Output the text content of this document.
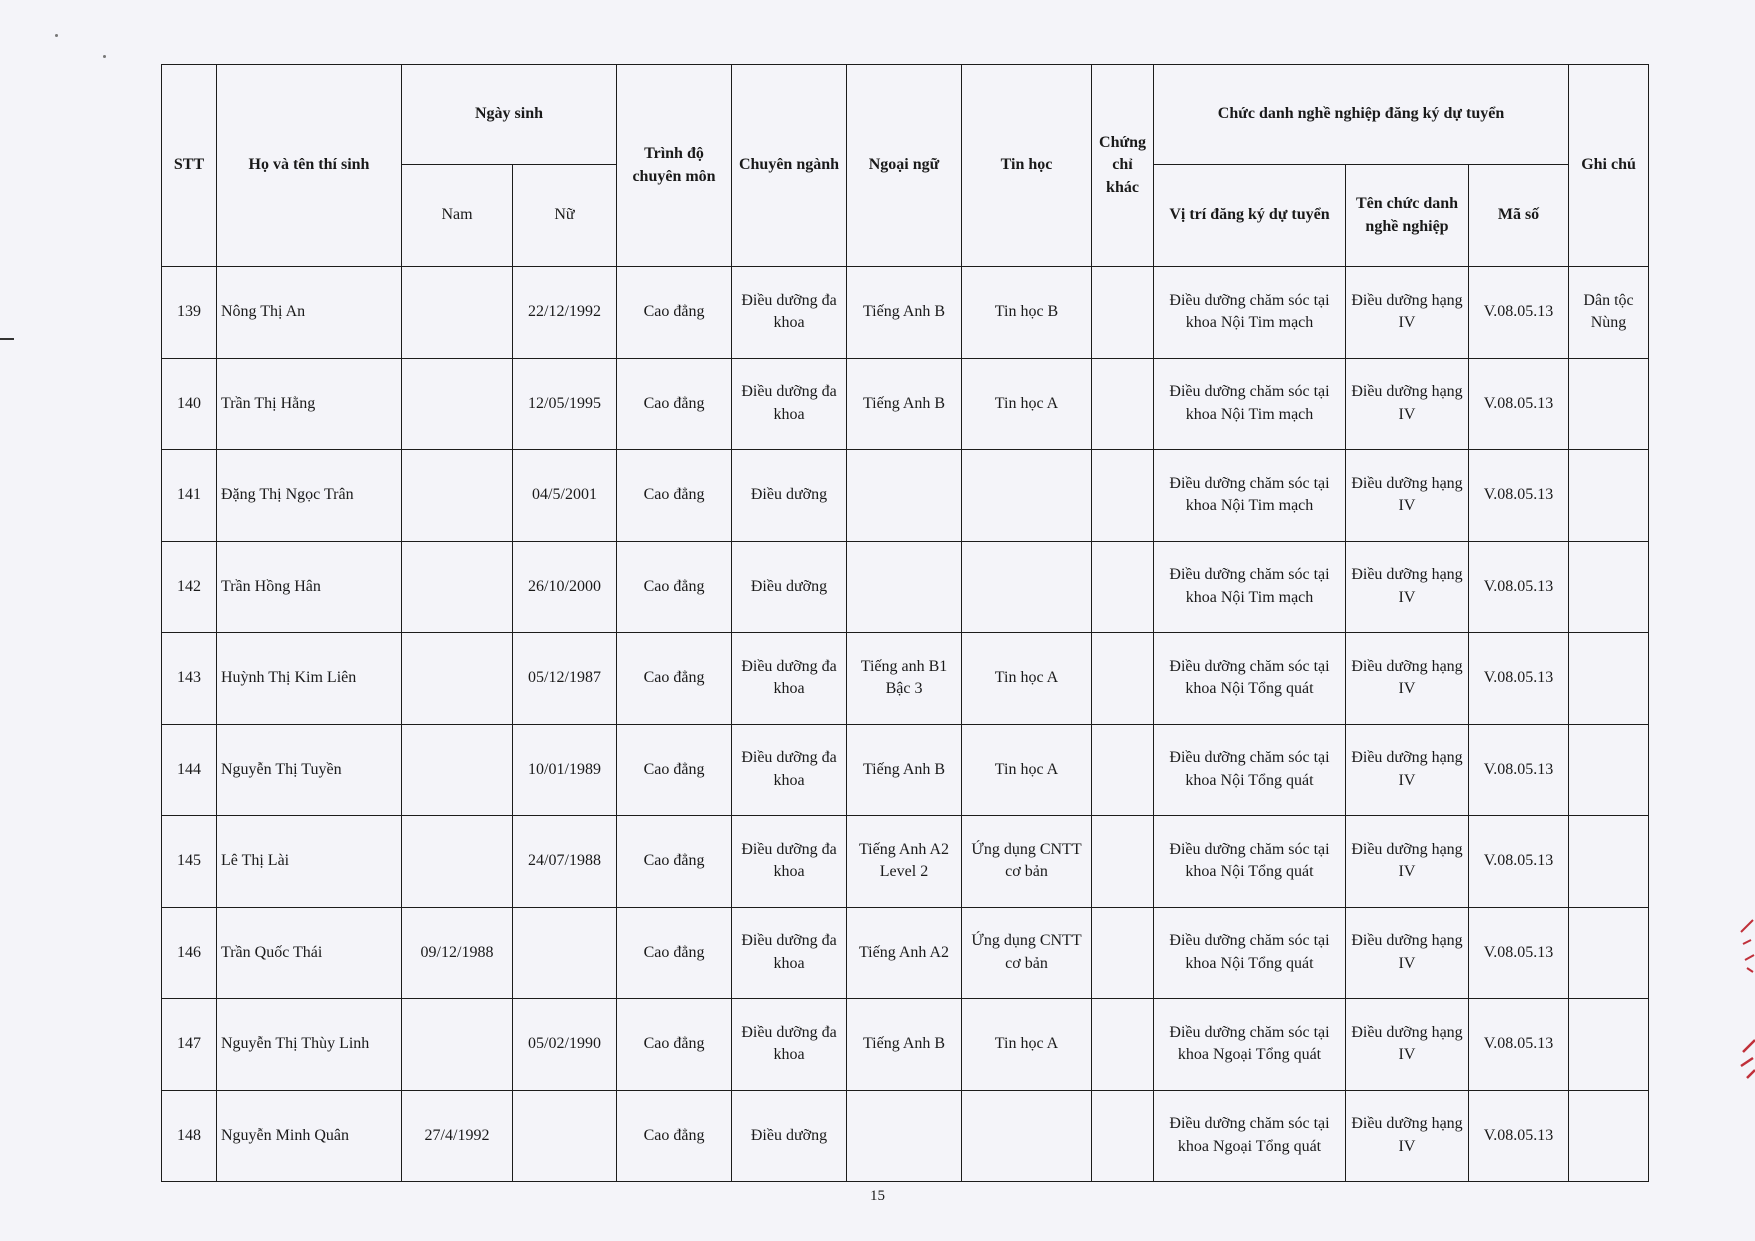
STT	Họ và tên thí sinh	Ngày sinh		Trình độ chuyên môn	Chuyên ngành	Ngoại ngữ	Tin học	Chứng chỉ khác	Chức danh nghề nghiệp đăng ký dự tuyển			Ghi chú
		Nam	Nữ						Vị trí đăng ký dự tuyển	Tên chức danh nghề nghiệp	Mã số	
139	Nông Thị An		22/12/1992	Cao đẳng	Điều dưỡng đa khoa	Tiếng Anh B	Tin học B		Điều dưỡng chăm sóc tại khoa Nội Tim mạch	Điều dưỡng hạng IV	V.08.05.13	Dân tộc Nùng
140	Trần Thị Hằng		12/05/1995	Cao đẳng	Điều dưỡng đa khoa	Tiếng Anh B	Tin học A		Điều dưỡng chăm sóc tại khoa Nội Tim mạch	Điều dưỡng hạng IV	V.08.05.13	
141	Đặng Thị Ngọc Trân		04/5/2001	Cao đẳng	Điều dưỡng				Điều dưỡng chăm sóc tại khoa Nội Tim mạch	Điều dưỡng hạng IV	V.08.05.13	
142	Trần Hồng Hân		26/10/2000	Cao đẳng	Điều dưỡng				Điều dưỡng chăm sóc tại khoa Nội Tim mạch	Điều dưỡng hạng IV	V.08.05.13	
143	Huỳnh Thị Kim Liên		05/12/1987	Cao đẳng	Điều dưỡng đa khoa	Tiếng anh B1 Bậc 3	Tin học A		Điều dưỡng chăm sóc tại khoa Nội Tổng quát	Điều dưỡng hạng IV	V.08.05.13	
144	Nguyễn Thị Tuyền		10/01/1989	Cao đẳng	Điều dưỡng đa khoa	Tiếng Anh B	Tin học A		Điều dưỡng chăm sóc tại khoa Nội Tổng quát	Điều dưỡng hạng IV	V.08.05.13	
145	Lê Thị Lài		24/07/1988	Cao đẳng	Điều dưỡng đa khoa	Tiếng Anh A2 Level 2	Ứng dụng CNTT cơ bản		Điều dưỡng chăm sóc tại khoa Nội Tổng quát	Điều dưỡng hạng IV	V.08.05.13	
146	Trần Quốc Thái	09/12/1988		Cao đẳng	Điều dưỡng đa khoa	Tiếng Anh A2	Ứng dụng CNTT cơ bản		Điều dưỡng chăm sóc tại khoa Nội Tổng quát	Điều dưỡng hạng IV	V.08.05.13	
147	Nguyễn Thị Thùy Linh		05/02/1990	Cao đẳng	Điều dưỡng đa khoa	Tiếng Anh B	Tin học A		Điều dưỡng chăm sóc tại khoa Ngoại Tổng quát	Điều dưỡng hạng IV	V.08.05.13	
148	Nguyễn Minh Quân	27/4/1992		Cao đẳng	Điều dưỡng				Điều dưỡng chăm sóc tại khoa Ngoại Tổng quát	Điều dưỡng hạng IV	V.08.05.13	
15
